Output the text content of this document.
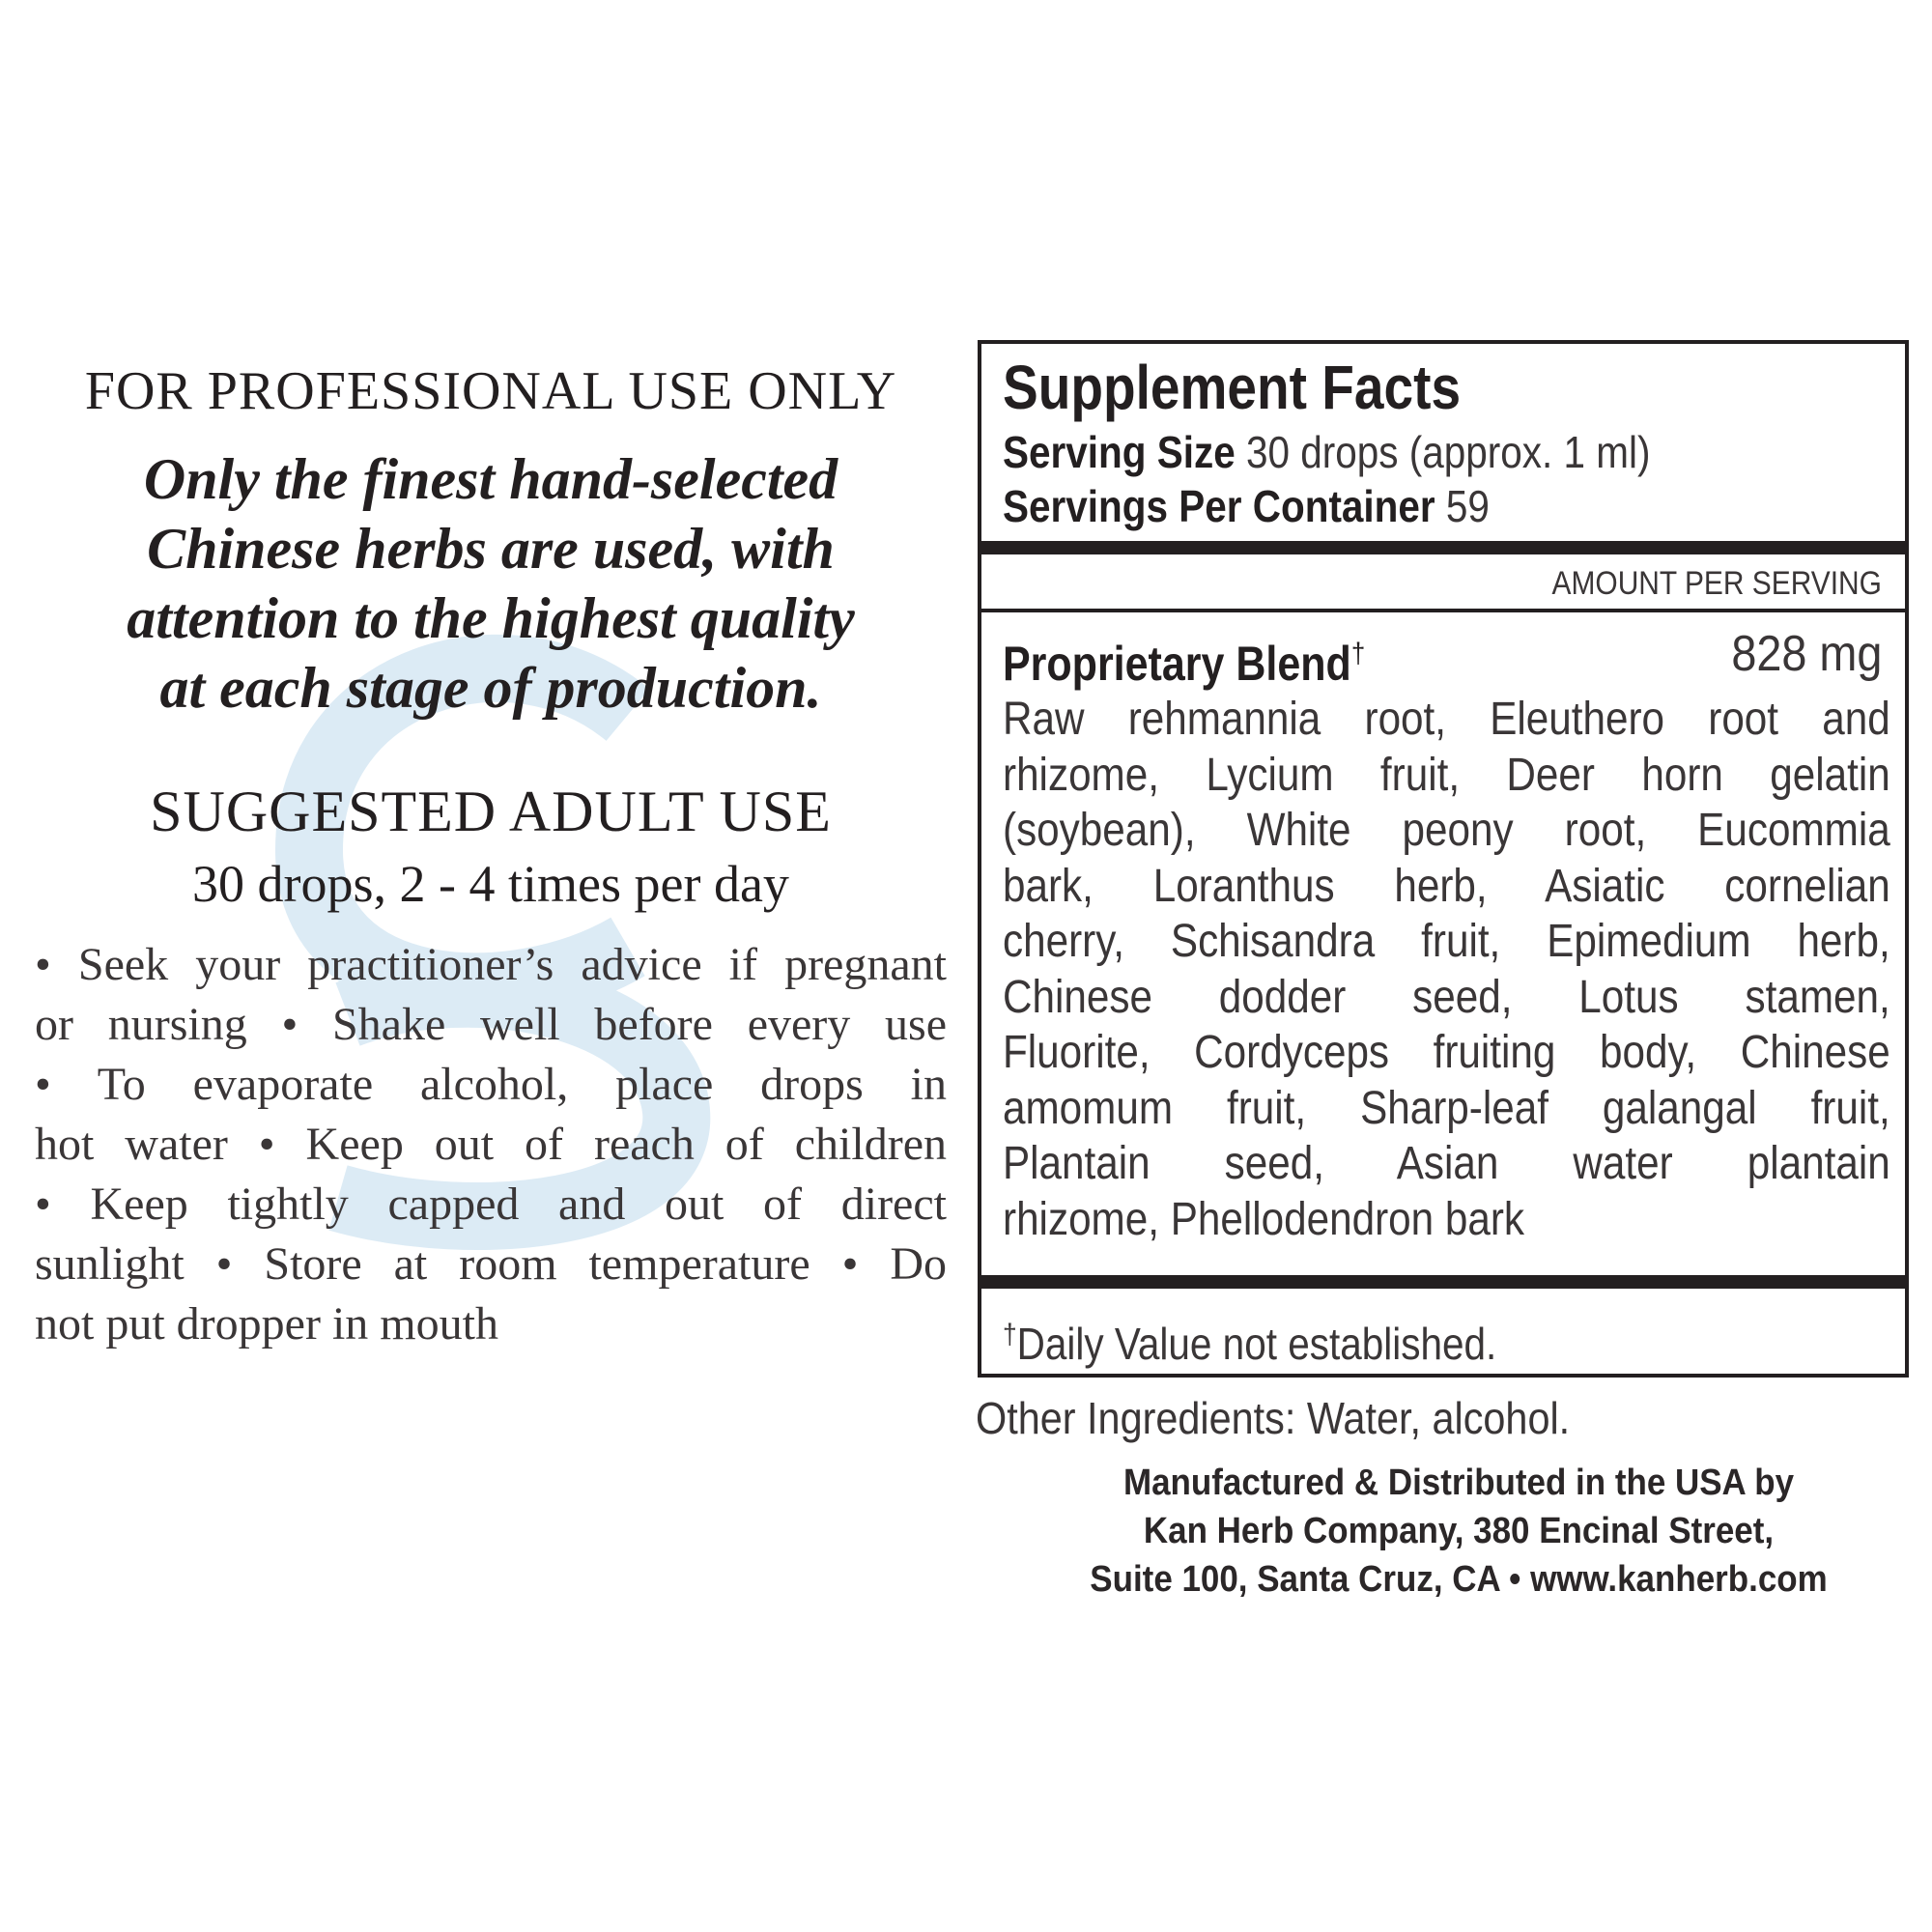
FOR PROFESSIONAL USE ONLY

Only the finest hand-selected
Chinese herbs are used, with
attention to the highest quality
at each stage of production.

SUGGESTED ADULT USE

30 drops, 2 - 4 times per day

• Seek your practitioner’s advice if pregnant
or nursing • Shake well before every use
• To evaporate alcohol, place drops in
hot water • Keep out of reach of children
• Keep tightly capped and out of direct
sunlight • Store at room temperature • Do
not put dropper in mouth
Supplement Facts
Serving Size 30 drops (approx. 1 ml)
Servings Per Container 59
AMOUNT PER SERVING
Proprietary Blend†	828 mg
Raw rehmannia root, Eleuthero root and
rhizome, Lycium fruit, Deer horn gelatin
(soybean), White peony root, Eucommia
bark, Loranthus herb, Asiatic cornelian
cherry, Schisandra fruit, Epimedium herb,
Chinese dodder seed, Lotus stamen,
Fluorite, Cordyceps fruiting body, Chinese
amomum fruit, Sharp-leaf galangal fruit,
Plantain seed, Asian water plantain
rhizome, Phellodendron bark
†Daily Value not established.
Other Ingredients: Water, alcohol.
Manufactured & Distributed in the USA by
Kan Herb Company, 380 Encinal Street,
Suite 100, Santa Cruz, CA • www.kanherb.com
